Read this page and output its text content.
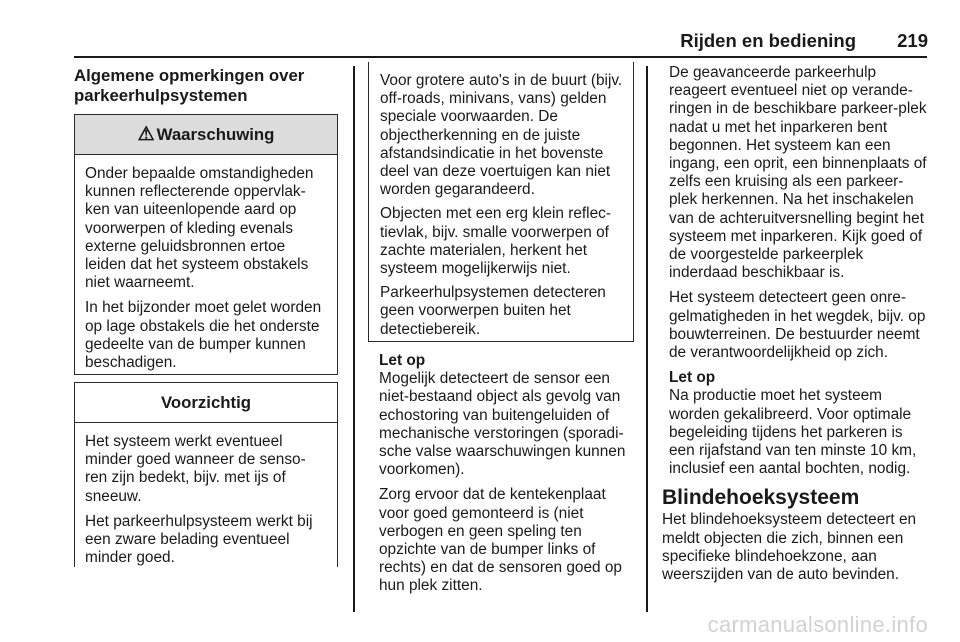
Rijden en bediening 219

Algemene opmerkingen over
parkeerhulpsystemen

⚠ Waarschuwing

Onder bepaalde omstandigheden kunnen reflecterende oppervlak-ken van uiteenlopende aard op voorwerpen of kleding evenals externe geluidsbronnen ertoe leiden dat het systeem obstakels niet waarneemt.

In het bijzonder moet gelet worden op lage obstakels die het onderste gedeelte van de bumper kunnen beschadigen.

Voorzichtig

Het systeem werkt eventueel minder goed wanneer de senso-ren zijn bedekt, bijv. met ijs of sneeuw.

Het parkeerhulpsysteem werkt bij een zware belading eventueel minder goed.

Voor grotere auto's in de buurt (bijv. off-roads, minivans, vans) gelden speciale voorwaarden. De objectherkenning en de juiste afstandsindicatie in het bovenste deel van deze voertuigen kan niet worden gegarandeerd.

Objecten met een erg klein reflec-tievlak, bijv. smalle voorwerpen of zachte materialen, herkent het systeem mogelijkerwijs niet.

Parkeerhulpsystemen detecteren geen voorwerpen buiten het detectiebereik.

Let op

Mogelijk detecteert de sensor een niet-bestaand object als gevolg van echostoring van buitengeluiden of mechanische verstoringen (sporadi-sche valse waarschuwingen kunnen voorkomen).

Zorg ervoor dat de kentekenplaat voor goed gemonteerd is (niet verbogen en geen speling ten opzichte van de bumper links of rechts) en dat de sensoren goed op hun plek zitten.

De geavanceerde parkeerhulp reageert eventueel niet op verande-ringen in de beschikbare parkeer-plek nadat u met het inparkeren bent begonnen. Het systeem kan een ingang, een oprit, een binnenplaats of zelfs een kruising als een parkeer-plek herkennen. Na het inschakelen van de achteruitversnelling begint het systeem met inparkeren. Kijk goed of de voorgestelde parkeerplek inderdaad beschikbaar is.

Het systeem detecteert geen onre-gelmatigheden in het wegdek, bijv. op bouwterreinen. De bestuurder neemt de verantwoordelijkheid op zich.

Let op

Na productie moet het systeem worden gekalibreerd. Voor optimale begeleiding tijdens het parkeren is een rijafstand van ten minste 10 km, inclusief een aantal bochten, nodig.

Blindehoeksysteem

Het blindehoeksysteem detecteert en meldt objecten die zich, binnen een specifieke blindehoekzone, aan weerszijden van de auto bevinden.

carmanualsonline.info
